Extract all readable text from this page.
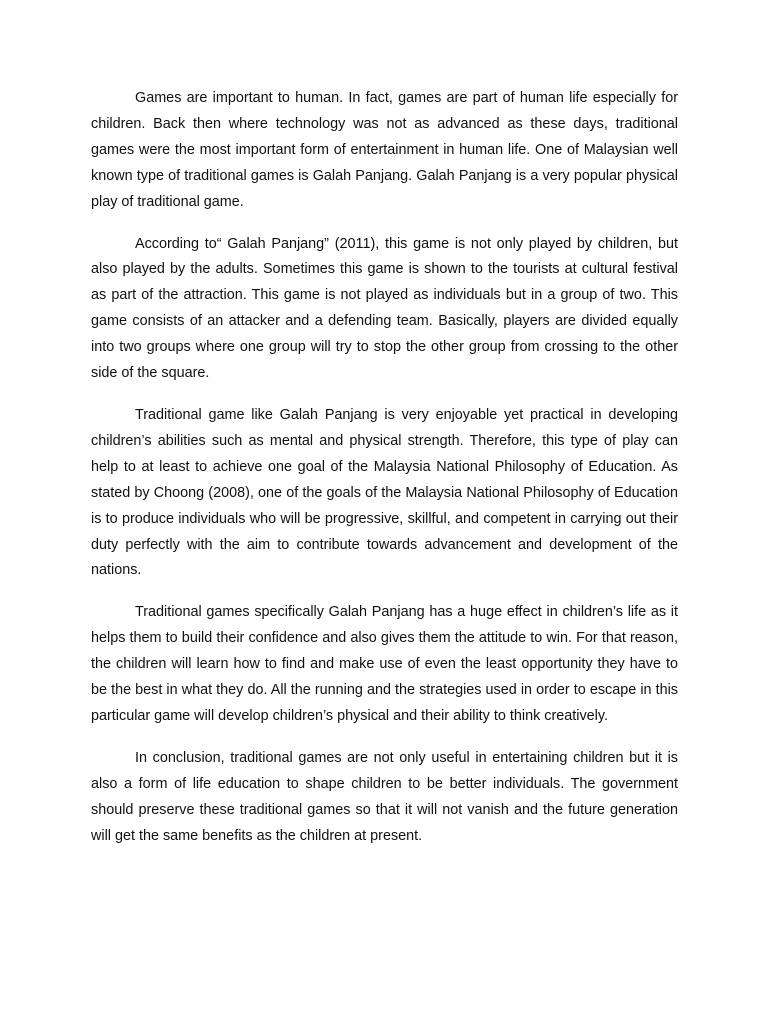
Games are important to human. In fact, games are part of human life especially for children. Back then where technology was not as advanced as these days, traditional games were the most important form of entertainment in human life. One of Malaysian well known type of traditional games is Galah Panjang. Galah Panjang is a very popular physical play of traditional game.

According to“ Galah Panjang” (2011), this game is not only played by children, but also played by the adults. Sometimes this game is shown to the tourists at cultural festival as part of the attraction. This game is not played as individuals but in a group of two. This game consists of an attacker and a defending team. Basically, players are divided equally into two groups where one group will try to stop the other group from crossing to the other side of the square.

Traditional game like Galah Panjang is very enjoyable yet practical in developing children’s abilities such as mental and physical strength. Therefore, this type of play can help to at least to achieve one goal of the Malaysia National Philosophy of Education. As stated by Choong (2008), one of the goals of the Malaysia National Philosophy of Education is to produce individuals who will be progressive, skillful, and competent in carrying out their duty perfectly with the aim to contribute towards advancement and development of the nations.

Traditional games specifically Galah Panjang has a huge effect in children’s life as it helps them to build their confidence and also gives them the attitude to win. For that reason, the children will learn how to find and make use of even the least opportunity they have to be the best in what they do. All the running and the strategies used in order to escape in this particular game will develop children’s physical and their ability to think creatively.

In conclusion, traditional games are not only useful in entertaining children but it is also a form of life education to shape children to be better individuals. The government should preserve these traditional games so that it will not vanish and the future generation will get the same benefits as the children at present.
